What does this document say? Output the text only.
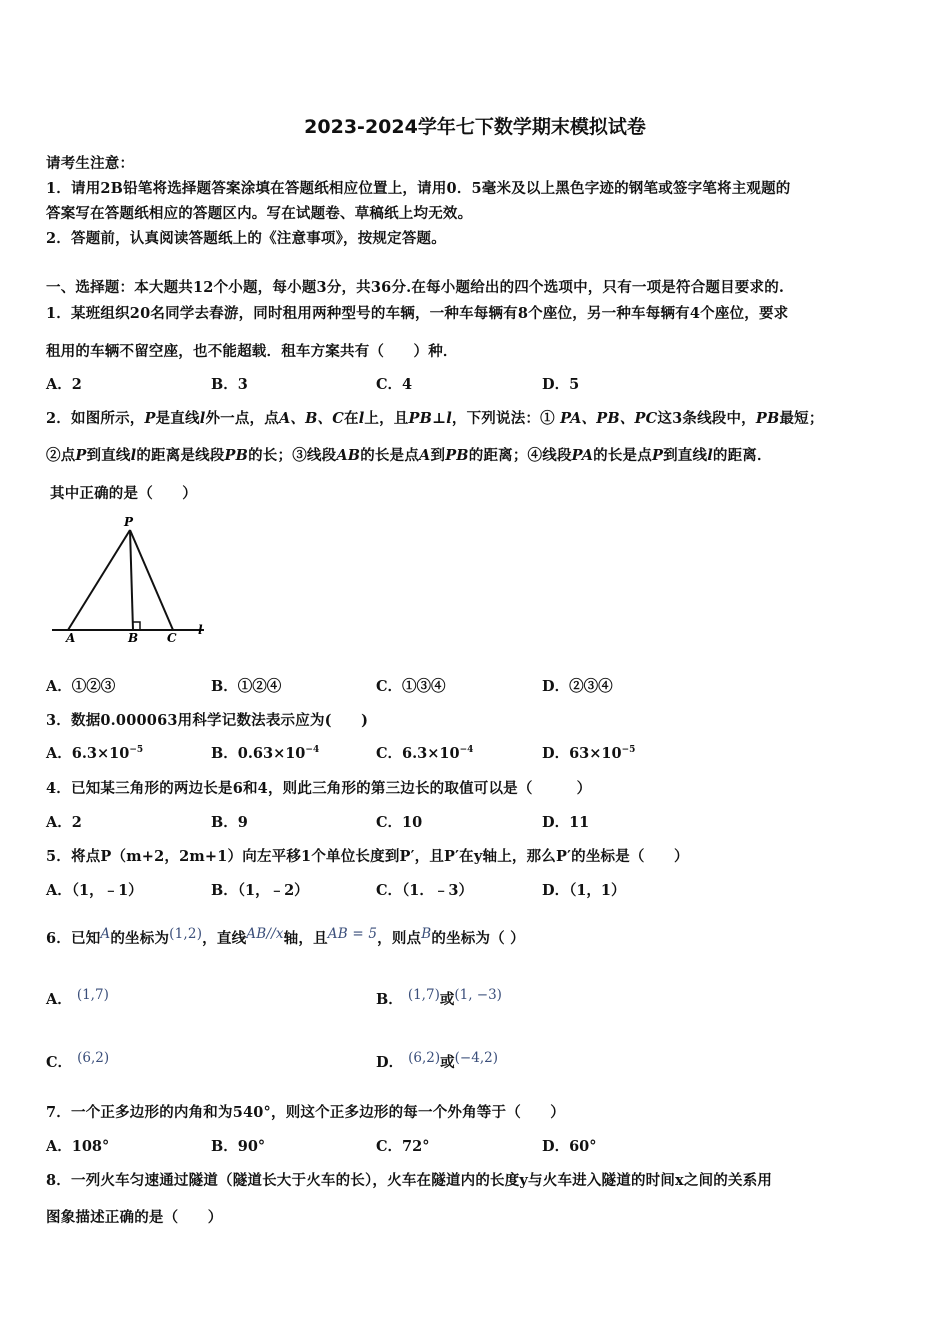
2023-2024学年七下数学期末模拟试卷
请考生注意：
1．请用2B铅笔将选择题答案涂填在答题纸相应位置上，请用0．5毫米及以上黑色字迹的钢笔或签字笔将主观题的
答案写在答题纸相应的答题区内。写在试题卷、草稿纸上均无效。
2．答题前，认真阅读答题纸上的《注意事项》，按规定答题。
一、选择题：本大题共12个小题，每小题3分，共36分.在每小题给出的四个选项中，只有一项是符合题目要求的.
1．某班组织20名同学去春游，同时租用两种型号的车辆，一种车每辆有8个座位，另一种车每辆有4个座位，要求
租用的车辆不留空座，也不能超载．租车方案共有（　　）种．
A．2	B．3	C．4	D．5
2．如图所示，P是直线l外一点，点A、B、C在l上，且PB⊥l，下列说法：① PA、PB、PC这3条线段中，PB最短；
②点P到直线l的距离是线段PB的长；③线段AB的长是点A到PB的距离；④线段PA的长是点P到直线l的距离．
其中正确的是（　　）
P
A	B C
l
A．①②③	B．①②④	C．①③④	D．②③④
3．数据0.000063用科学记数法表示应为(　　)
A．$6.3\times 10^{-5}$	B．$0.63\times 10^{-4}$	C．$6.3\times 10^{-4}$	D．$63\times 10^{-5}$
4．已知某三角形的两边长是6和4，则此三角形的第三边长的取值可以是（　　　）
A．2	B．9	C．10	D．11
5．将点P（m+2，2m+1）向左平移1个单位长度到P′，且P′在y轴上，那么P′的坐标是（　　）
A．（1，﹣1）	B．（1，﹣2）	C．（1．﹣3）	D．（1，1）
6．已知A的坐标为(1,2)，直线AB//x轴，且AB = 5，则点B的坐标为（ ）
A． (1,7)	B． (1,7)或(1, −3)
C． (6,2)	D． (6,2)或(−4,2)
7．一个正多边形的内角和为540°，则这个正多边形的每一个外角等于（　　）
A．108°	B．90°	C．72°	D．60°
8．一列火车匀速通过隧道（隧道长大于火车的长），火车在隧道内的长度y与火车进入隧道的时间x之间的关系用
图象描述正确的是（　　）
